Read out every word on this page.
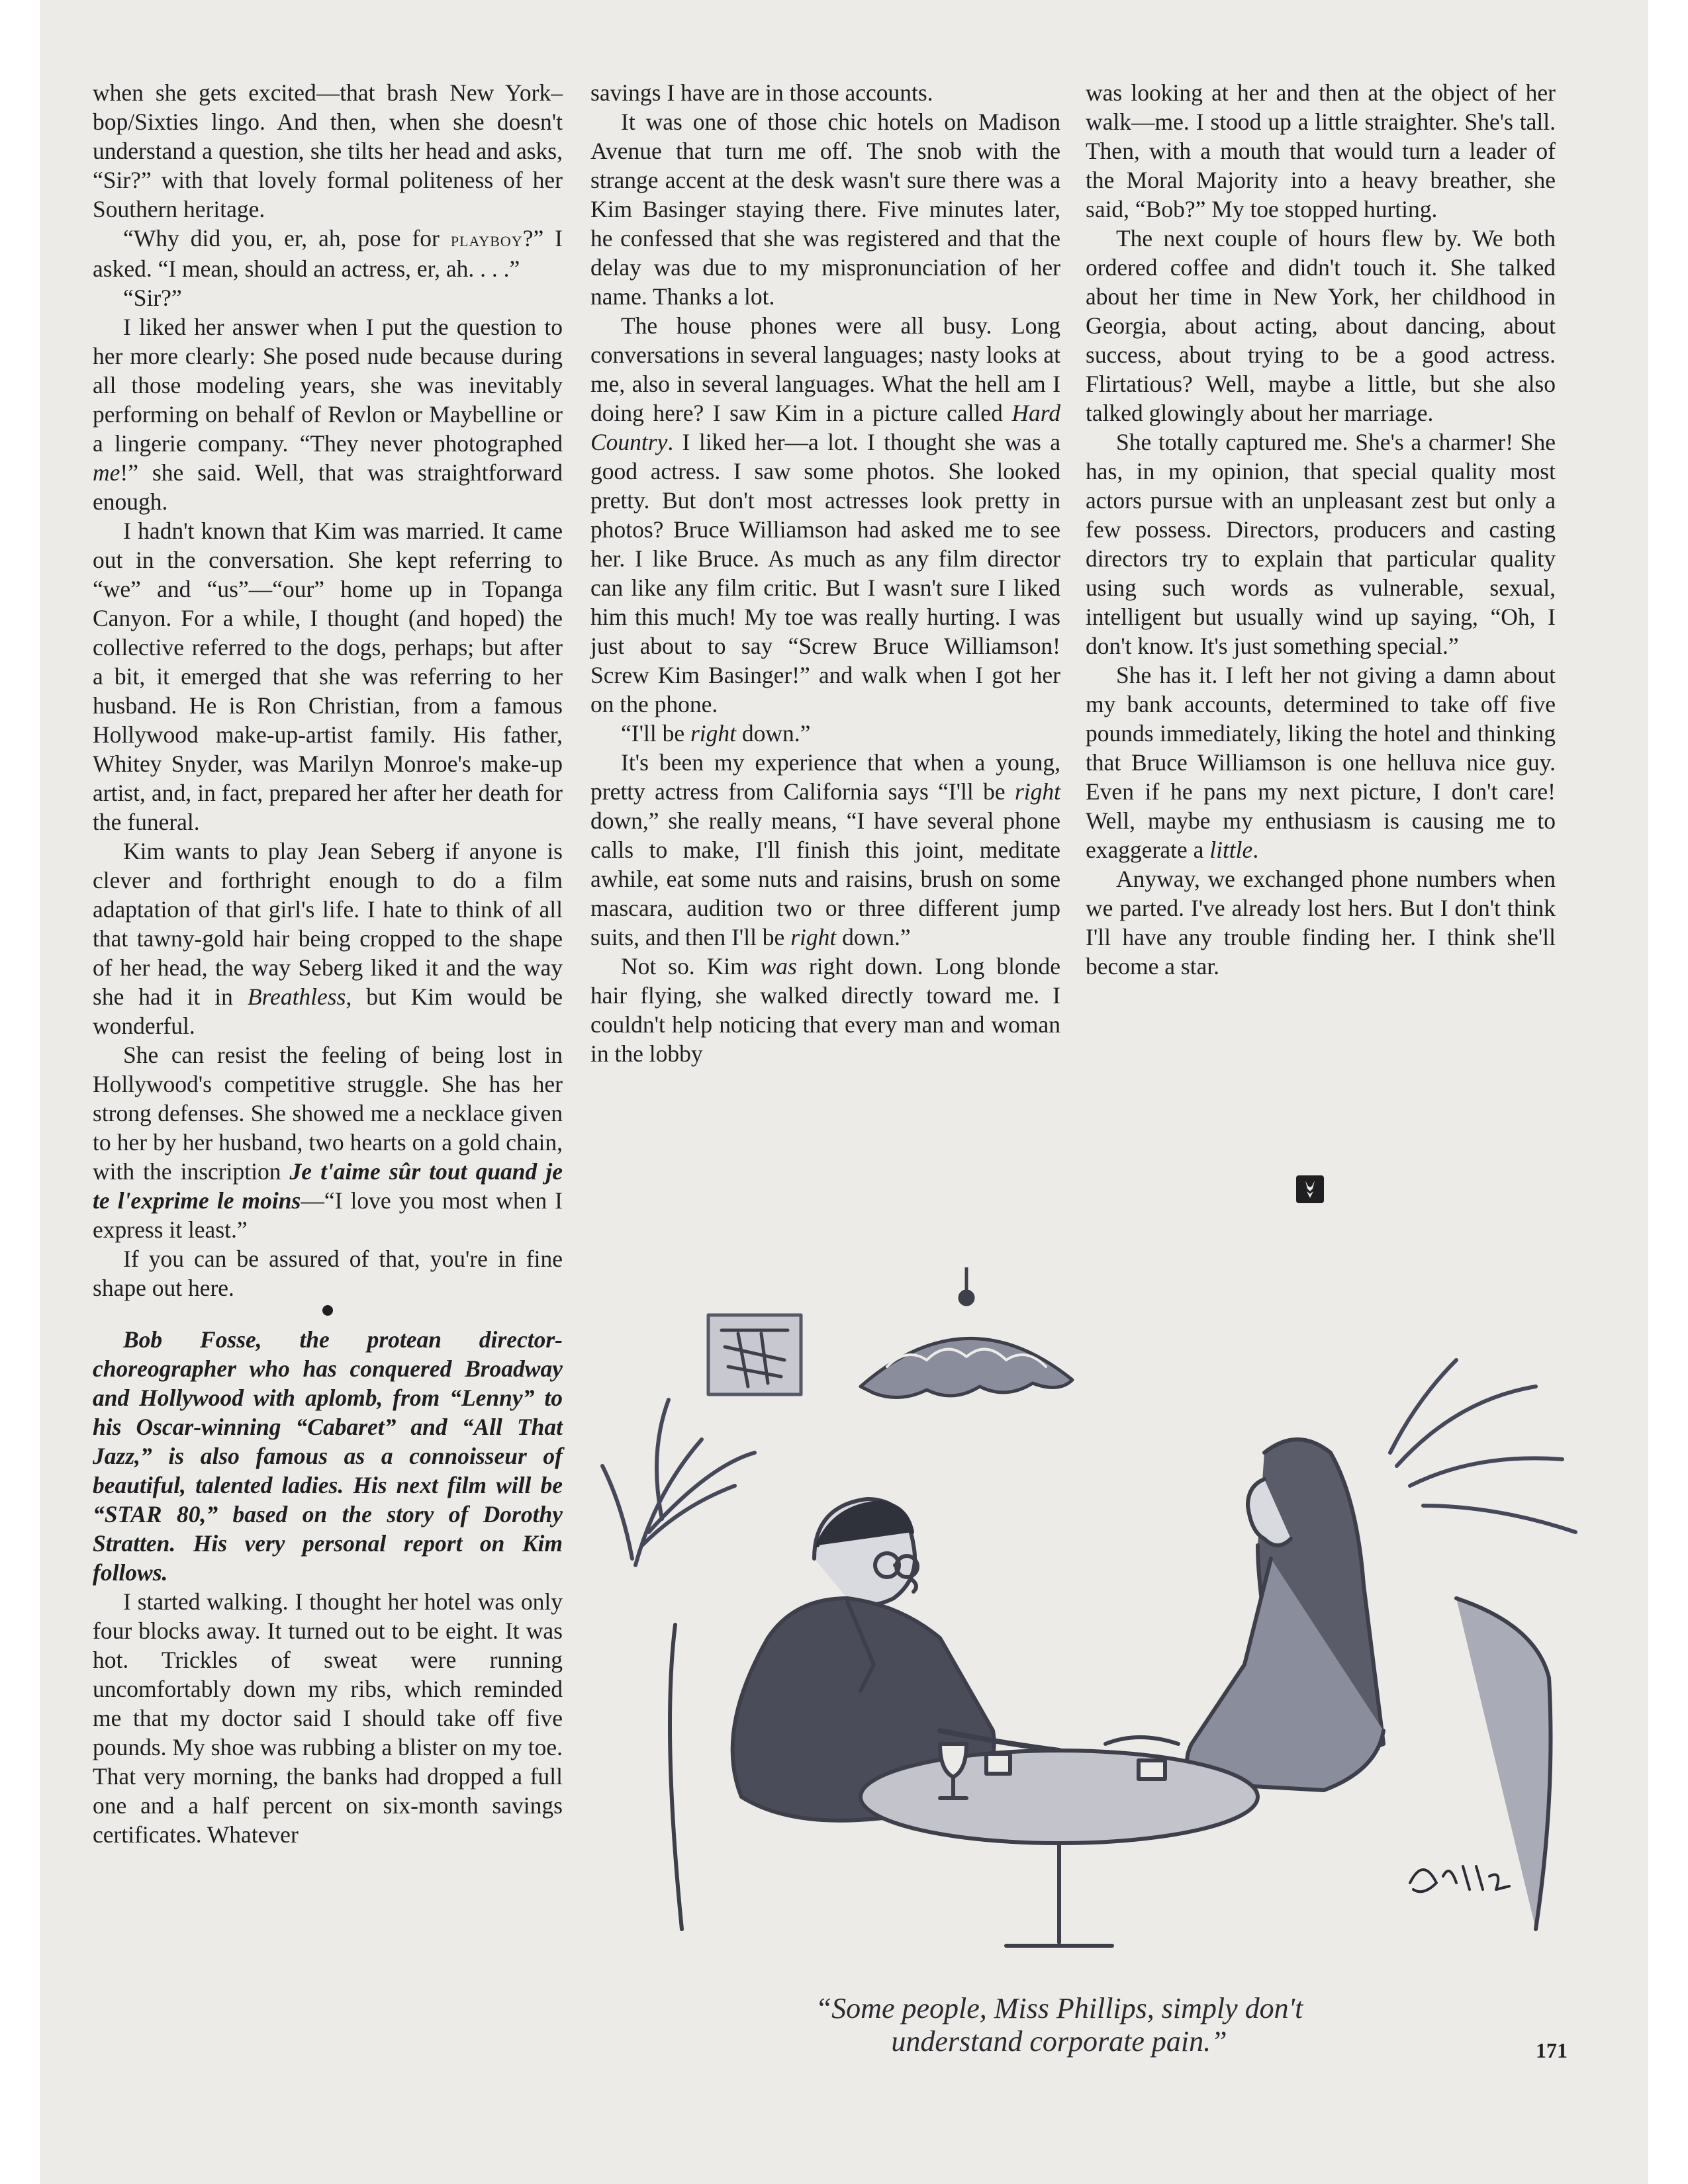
when she gets excited—that brash New York–bop/Sixties lingo. And then, when she doesn't understand a question, she tilts her head and asks, “Sir?” with that lovely formal politeness of her Southern heritage.

“Why did you, er, ah, pose for playboy?” I asked. “I mean, should an actress, er, ah. . . .”

“Sir?”

I liked her answer when I put the question to her more clearly: She posed nude because during all those modeling years, she was inevitably performing on behalf of Revlon or Maybelline or a lingerie company. “They never photographed me!” she said. Well, that was straightforward enough.

I hadn't known that Kim was married. It came out in the conversation. She kept referring to “we” and “us”—“our” home up in Topanga Canyon. For a while, I thought (and hoped) the collective referred to the dogs, perhaps; but after a bit, it emerged that she was referring to her husband. He is Ron Christian, from a famous Hollywood make-up-artist family. His father, Whitey Snyder, was Marilyn Monroe's make-up artist, and, in fact, prepared her after her death for the funeral.

Kim wants to play Jean Seberg if anyone is clever and forthright enough to do a film adaptation of that girl's life. I hate to think of all that tawny-gold hair being cropped to the shape of her head, the way Seberg liked it and the way she had it in Breathless, but Kim would be wonderful.

She can resist the feeling of being lost in Hollywood's competitive struggle. She has her strong defenses. She showed me a necklace given to her by her husband, two hearts on a gold chain, with the inscription Je t'aime sûr tout quand je te l'exprime le moins—“I love you most when I express it least.”

If you can be assured of that, you're in fine shape out here.

Bob Fosse, the protean director-choreographer who has conquered Broadway and Hollywood with aplomb, from “Lenny” to his Oscar-winning “Cabaret” and “All That Jazz,” is also famous as a connoisseur of beautiful, talented ladies. His next film will be “STAR 80,” based on the story of Dorothy Stratten. His very personal report on Kim follows.

I started walking. I thought her hotel was only four blocks away. It turned out to be eight. It was hot. Trickles of sweat were running uncomfortably down my ribs, which reminded me that my doctor said I should take off five pounds. My shoe was rubbing a blister on my toe. That very morning, the banks had dropped a full one and a half percent on six-month savings certificates. Whatever

savings I have are in those accounts.

It was one of those chic hotels on Madison Avenue that turn me off. The snob with the strange accent at the desk wasn't sure there was a Kim Basinger staying there. Five minutes later, he confessed that she was registered and that the delay was due to my mispronunciation of her name. Thanks a lot.

The house phones were all busy. Long conversations in several languages; nasty looks at me, also in several languages. What the hell am I doing here? I saw Kim in a picture called Hard Country. I liked her—a lot. I thought she was a good actress. I saw some photos. She looked pretty. But don't most actresses look pretty in photos? Bruce Williamson had asked me to see her. I like Bruce. As much as any film director can like any film critic. But I wasn't sure I liked him this much! My toe was really hurting. I was just about to say “Screw Bruce Williamson! Screw Kim Basinger!” and walk when I got her on the phone.

“I'll be right down.”

It's been my experience that when a young, pretty actress from California says “I'll be right down,” she really means, “I have several phone calls to make, I'll finish this joint, meditate awhile, eat some nuts and raisins, brush on some mascara, audition two or three different jump suits, and then I'll be right down.”

Not so. Kim was right down. Long blonde hair flying, she walked directly toward me. I couldn't help noticing that every man and woman in the lobby

was looking at her and then at the object of her walk—me. I stood up a little straighter. She's tall. Then, with a mouth that would turn a leader of the Moral Majority into a heavy breather, she said, “Bob?” My toe stopped hurting.

The next couple of hours flew by. We both ordered coffee and didn't touch it. She talked about her time in New York, her childhood in Georgia, about acting, about dancing, about success, about trying to be a good actress. Flirtatious? Well, maybe a little, but she also talked glowingly about her marriage.

She totally captured me. She's a charmer! She has, in my opinion, that special quality most actors pursue with an unpleasant zest but only a few possess. Directors, producers and casting directors try to explain that particular quality using such words as vulnerable, sexual, intelligent but usually wind up saying, “Oh, I don't know. It's just something special.”

She has it. I left her not giving a damn about my bank accounts, determined to take off five pounds immediately, liking the hotel and thinking that Bruce Williamson is one helluva nice guy. Even if he pans my next picture, I don't care! Well, maybe my enthusiasm is causing me to exaggerate a little.

Anyway, we exchanged phone numbers when we parted. I've already lost hers. But I don't think I'll have any trouble finding her. I think she'll become a star.

“Some people, Miss Phillips, simply don't
understand corporate pain.”	171
